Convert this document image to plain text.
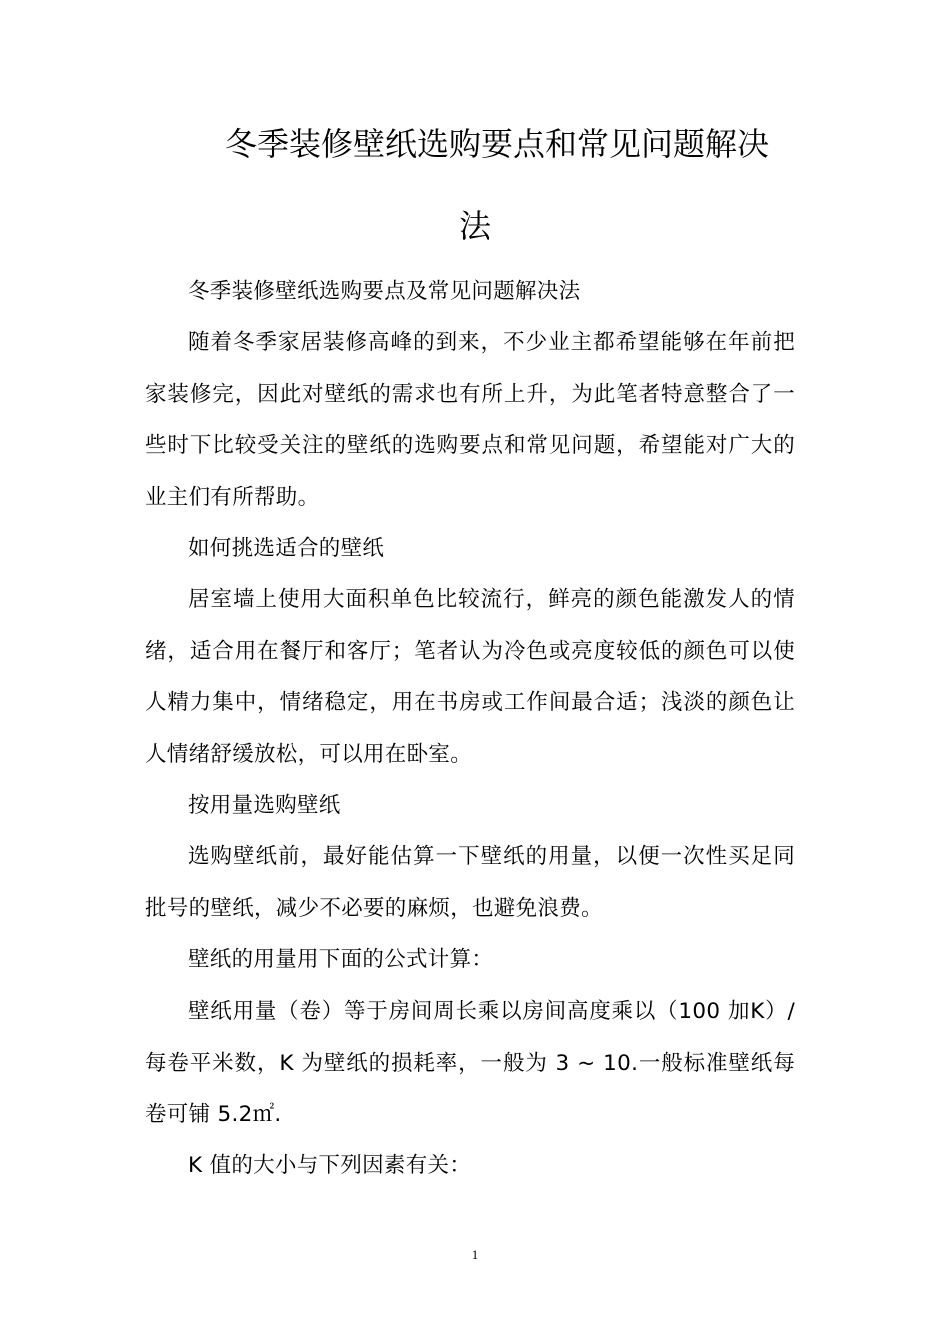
冬季装修壁纸选购要点和常见问题解决
法

冬季装修壁纸选购要点及常见问题解决法

随着冬季家居装修高峰的到来，不少业主都希望能够在年前把家装修完，因此对壁纸的需求也有所上升，为此笔者特意整合了一些时下比较受关注的壁纸的选购要点和常见问题，希望能对广大的业主们有所帮助。

如何挑选适合的壁纸

居室墙上使用大面积单色比较流行，鲜亮的颜色能激发人的情绪，适合用在餐厅和客厅；笔者认为冷色或亮度较低的颜色可以使人精力集中，情绪稳定，用在书房或工作间最合适；浅淡的颜色让人情绪舒缓放松，可以用在卧室。

按用量选购壁纸

选购壁纸前，最好能估算一下壁纸的用量，以便一次性买足同批号的壁纸，减少不必要的麻烦，也避免浪费。

壁纸的用量用下面的公式计算：

壁纸用量（卷）等于房间周长乘以房间高度乘以（100 加K）/每卷平米数，K 为壁纸的损耗率，一般为 3 ~ 10.一般标准壁纸每卷可铺 5.2㎡.

K 值的大小与下列因素有关：

1
